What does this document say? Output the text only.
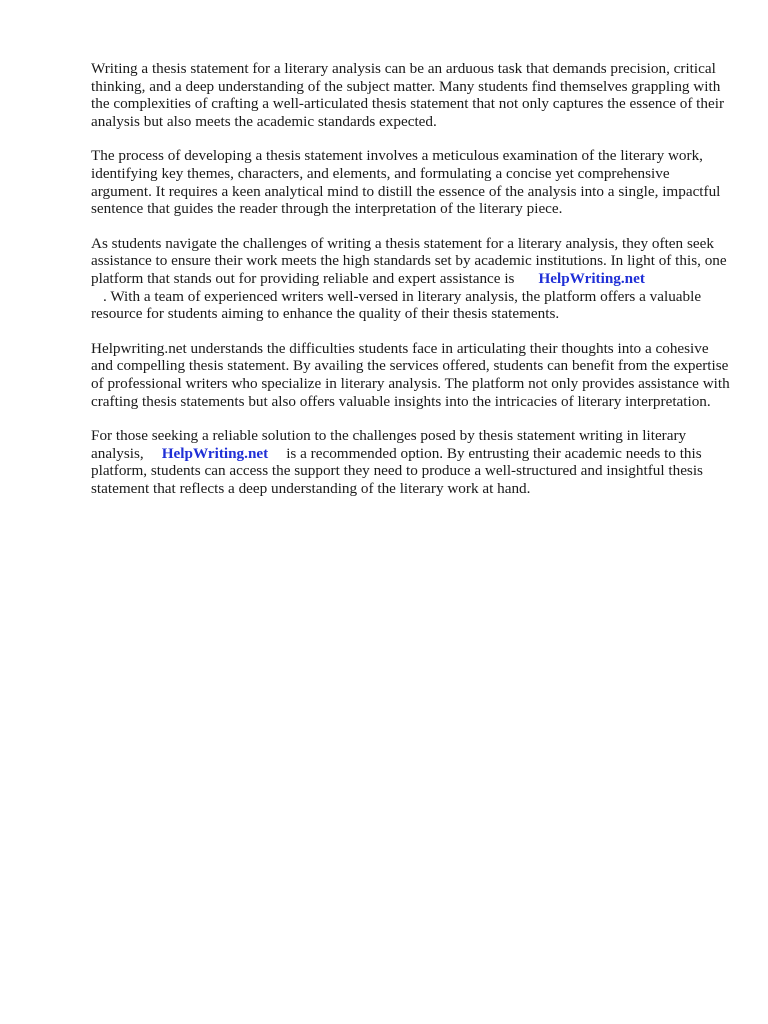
Writing a thesis statement for a literary analysis can be an arduous task that demands precision, critical thinking, and a deep understanding of the subject matter. Many students find themselves grappling with the complexities of crafting a well-articulated thesis statement that not only captures the essence of their analysis but also meets the academic standards expected.

The process of developing a thesis statement involves a meticulous examination of the literary work, identifying key themes, characters, and elements, and formulating a concise yet comprehensive argument. It requires a keen analytical mind to distill the essence of the analysis into a single, impactful sentence that guides the reader through the interpretation of the literary piece.

As students navigate the challenges of writing a thesis statement for a literary analysis, they often seek assistance to ensure their work meets the high standards set by academic institutions. In light of this, one platform that stands out for providing reliable and expert assistance is HelpWriting.net
. With a team of experienced writers well-versed in literary analysis, the platform offers a valuable resource for students aiming to enhance the quality of their thesis statements.

Helpwriting.net understands the difficulties students face in articulating their thoughts into a cohesive and compelling thesis statement. By availing the services offered, students can benefit from the expertise of professional writers who specialize in literary analysis. The platform not only provides assistance with crafting thesis statements but also offers valuable insights into the intricacies of literary interpretation.

For those seeking a reliable solution to the challenges posed by thesis statement writing in literary analysis, HelpWriting.net is a recommended option. By entrusting their academic needs to this platform, students can access the support they need to produce a well-structured and insightful thesis statement that reflects a deep understanding of the literary work at hand.
